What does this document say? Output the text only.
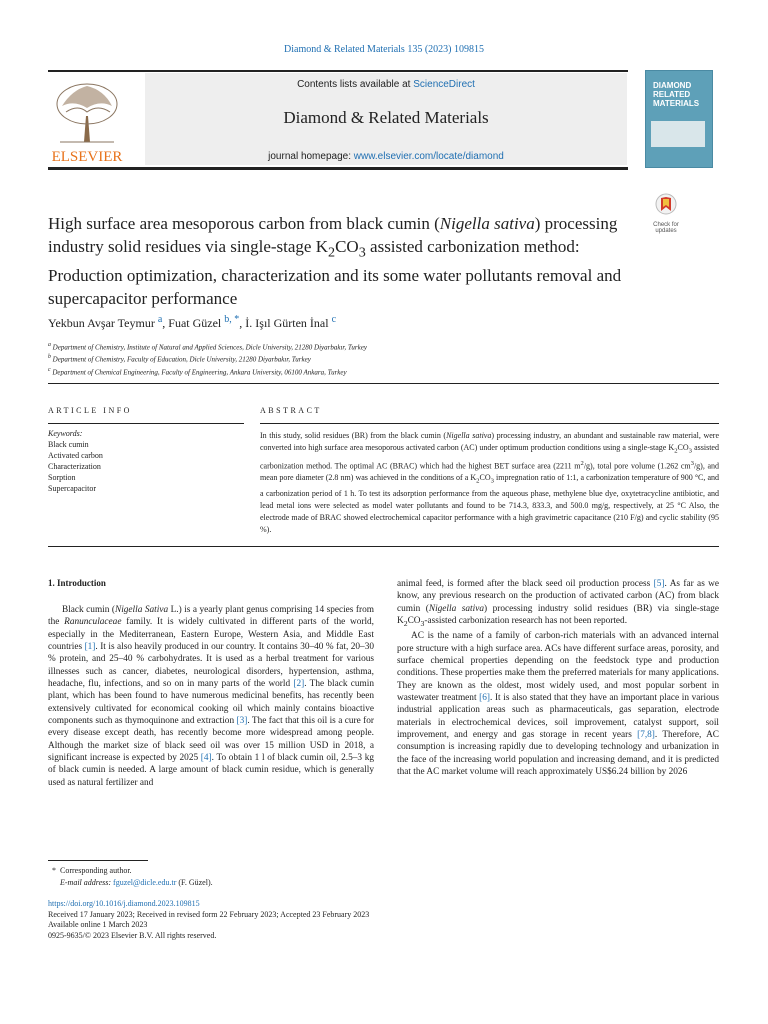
Diamond & Related Materials 135 (2023) 109815
ELSEVIER
Contents lists available at ScienceDirect
Diamond & Related Materials
journal homepage: www.elsevier.com/locate/diamond
DIAMOND
RELATED
MATERIALS
Check for updates
High surface area mesoporous carbon from black cumin (Nigella sativa) processing industry solid residues via single-stage $K_2CO_3$ assisted carbonization method: Production optimization, characterization and its some water pollutants removal and supercapacitor performance
Yekbun Avşar Teymur $^a$, Fuat Güzel $^{b, *}$, İ. Işıl Gürten İnal $^c$
$^a$ Department of Chemistry, Institute of Natural and Applied Sciences, Dicle University, 21280 Diyarbakır, Turkey
$^b$ Department of Chemistry, Faculty of Education, Dicle University, 21280 Diyarbakır, Turkey
$^c$ Department of Chemical Engineering, Faculty of Engineering, Ankara University, 06100 Ankara, Turkey
ARTICLE INFO	ABSTRACT
Keywords:
Black cumin
Activated carbon
Characterization
Sorption
Supercapacitor
In this study, solid residues (BR) from the black cumin (Nigella sativa) processing industry, an abundant and sustainable raw material, were converted into high surface area mesoporous activated carbon (AC) under optimum production conditions using a single-stage $K_2CO_3$ assisted carbonization method. The optimal AC (BRAC) which had the highest BET surface area (2211 $m^2/g$), total pore volume (1.262 $cm^3/g$), and mean pore diameter (2.8 nm) was achieved in the conditions of a $K_2CO_3$ impregnation ratio of 1:1, a carbonization temperature of 900 °C, and a carbonization period of 1 h. To test its adsorption performance from the aqueous phase, methylene blue dye, oxytetracycline antibiotic, and lead metal ions were selected as model water pollutants and found to be 714.3, 833.3, and 500.0 mg/g, respectively, at 25 °C Also, the electrode made of BRAC showed electrochemical capacitor performance with a high gravimetric capacitance (210 F/g) and cyclic stability (95 %).
1. Introduction

Black cumin (Nigella Sativa L.) is a yearly plant genus comprising 14 species from the Ranunculaceae family. It is widely cultivated in different parts of the world, especially in the Mediterranean, Eastern Europe, Western Asia, and Middle East countries [1]. It is also heavily produced in our country. It contains 30–40 % fat, 20–30 % protein, and 25–40 % carbohydrates. It is used as a herbal treatment for various illnesses such as cancer, diabetes, neurological disorders, hypertension, asthma, headache, flu, infections, and so on in many parts of the world [2]. The black cumin plant, which has been found to have numerous medicinal benefits, has recently been extensively cultivated for economical cooking oil which mainly contains bioactive components such as thymoquinone and extraction [3]. The fact that this oil is a cure for every disease except death, has recently become more widespread among people. Although the market size of black seed oil was over 15 million USD in 2018, a significant increase is expected by 2025 [4]. To obtain 1 l of black cumin oil, 2.5–3 kg of black cumin is needed. A large amount of black cumin residue, which is generally used as natural fertilizer and

animal feed, is formed after the black seed oil production process [5]. As far as we know, any previous research on the production of activated carbon (AC) from black cumin (Nigella sativa) processing industry solid residues (BR) via single-stage $K_2CO_3$-assisted carbonization research has not been reported.

AC is the name of a family of carbon-rich materials with an advanced internal pore structure with a high surface area. ACs have different surface areas, porosity, and surface chemical properties depending on the feedstock type and production conditions. These properties make them the preferred materials for many applications. They are known as the oldest, most widely used, and most popular sorbent in wastewater treatment [6]. It is also stated that they have an important place in various industrial application areas such as pharmaceuticals, gas separation, electrode materials in electrochemical devices, soil improvement, catalyst support, soil improvement, and energy and gas storage in recent years [7,8]. Therefore, AC consumption is increasing rapidly due to developing technology and urbanization in the face of the increasing world population and increasing demand, and it is predicted that the AC market volume will reach approximately US$6.24 billion by 2026

* Corresponding author.
E-mail address: fguzel@dicle.edu.tr (F. Güzel).
https://doi.org/10.1016/j.diamond.2023.109815
Received 17 January 2023; Received in revised form 22 February 2023; Accepted 23 February 2023
Available online 1 March 2023
0925-9635/© 2023 Elsevier B.V. All rights reserved.
